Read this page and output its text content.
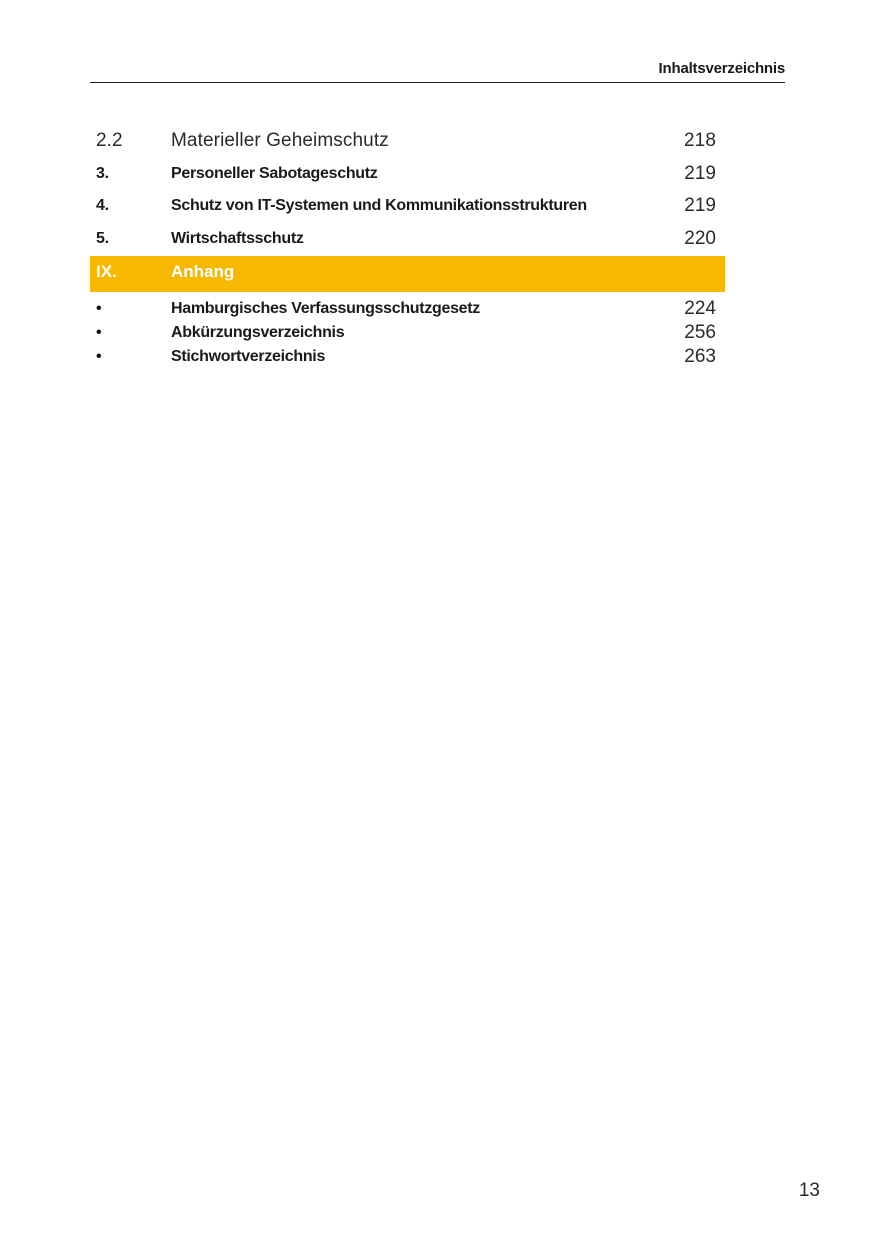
Inhaltsverzeichnis
2.2	Materieller Geheimschutz	218
3.	Personeller Sabotageschutz	219
4.	Schutz von IT-Systemen und Kommunikationsstrukturen	219
5.	Wirtschaftsschutz	220
IX.	Anhang
•	Hamburgisches Verfassungsschutzgesetz	224
•	Abkürzungsverzeichnis	256
•	Stichwortverzeichnis	263
13
